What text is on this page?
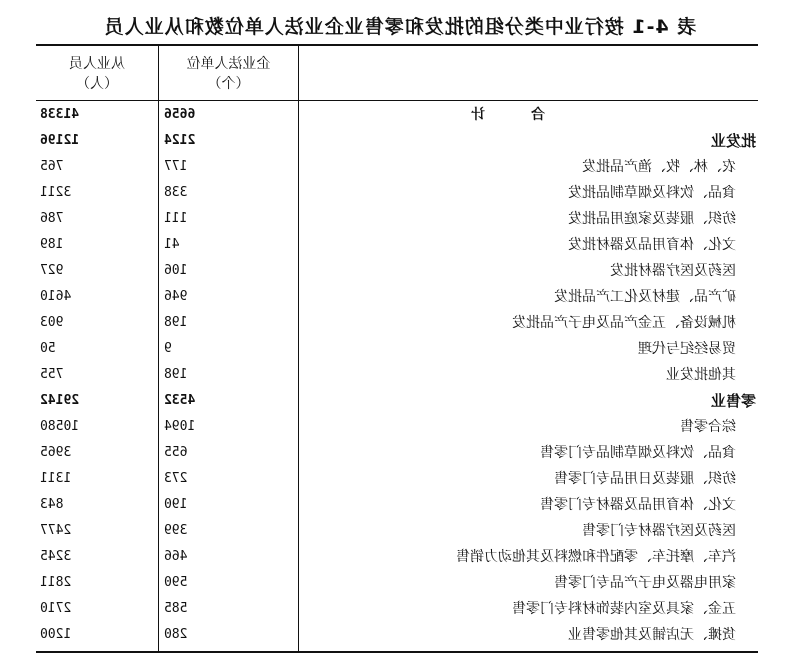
表 4-1 按行业中类分组的批发和零售业企业法人单位数和从业人员
企业法人单位
（个）
从业人员
（人）
合　　计
6656
41338
批发业
2124
12196
农、林、牧、渔产品批发
177
765
食品、饮料及烟草制品批发
338
3211
纺织、服装及家庭用品批发
111
786
文化、体育用品及器材批发
41
189
医药及医疗器材批发
106
927
矿产品、建材及化工产品批发
946
4610
机械设备、五金产品及电子产品批发
198
903
贸易经纪与代理
9
50
其他批发业
198
755
零售业
4532
29142
综合零售
1094
10580
食品、饮料及烟草制品专门零售
655
3965
纺织、服装及日用品专门零售
273
1311
文化、体育用品及器材专门零售
190
843
医药及医疗器材专门零售
399
2477
汽车、摩托车、零配件和燃料及其他动力销售
466
3245
家用电器及电子产品专门零售
590
2811
五金、家具及室内装饰材料专门零售
585
2710
货摊、无店铺及其他零售业
280
1200
